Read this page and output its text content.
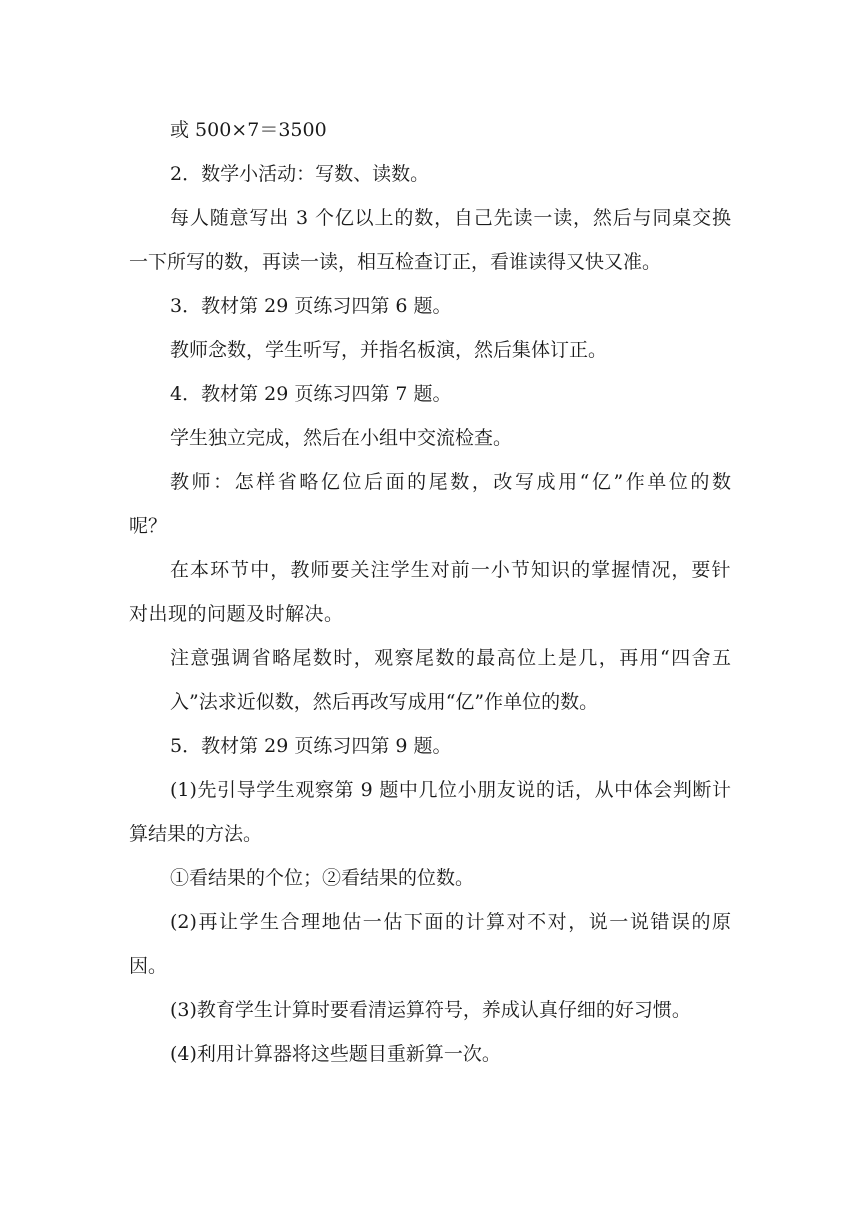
或 500×7＝3500
2．数学小活动：写数、读数。
每人随意写出 3 个亿以上的数，自己先读一读，然后与同桌交换
一下所写的数，再读一读，相互检查订正，看谁读得又快又准。
3．教材第 29 页练习四第 6 题。
教师念数，学生听写，并指名板演，然后集体订正。
4．教材第 29 页练习四第 7 题。
学生独立完成，然后在小组中交流检查。
教师：怎样省略亿位后面的尾数，改写成用“亿”作单位的数
呢？
在本环节中，教师要关注学生对前一小节知识的掌握情况，要针
对出现的问题及时解决。
注意强调省略尾数时，观察尾数的最高位上是几，再用“四舍五
入”法求近似数，然后再改写成用“亿”作单位的数。
5．教材第 29 页练习四第 9 题。
(1)先引导学生观察第 9 题中几位小朋友说的话，从中体会判断计
算结果的方法。
①看结果的个位；②看结果的位数。
(2)再让学生合理地估一估下面的计算对不对，说一说错误的原
因。
(3)教育学生计算时要看清运算符号，养成认真仔细的好习惯。
(4)利用计算器将这些题目重新算一次。
